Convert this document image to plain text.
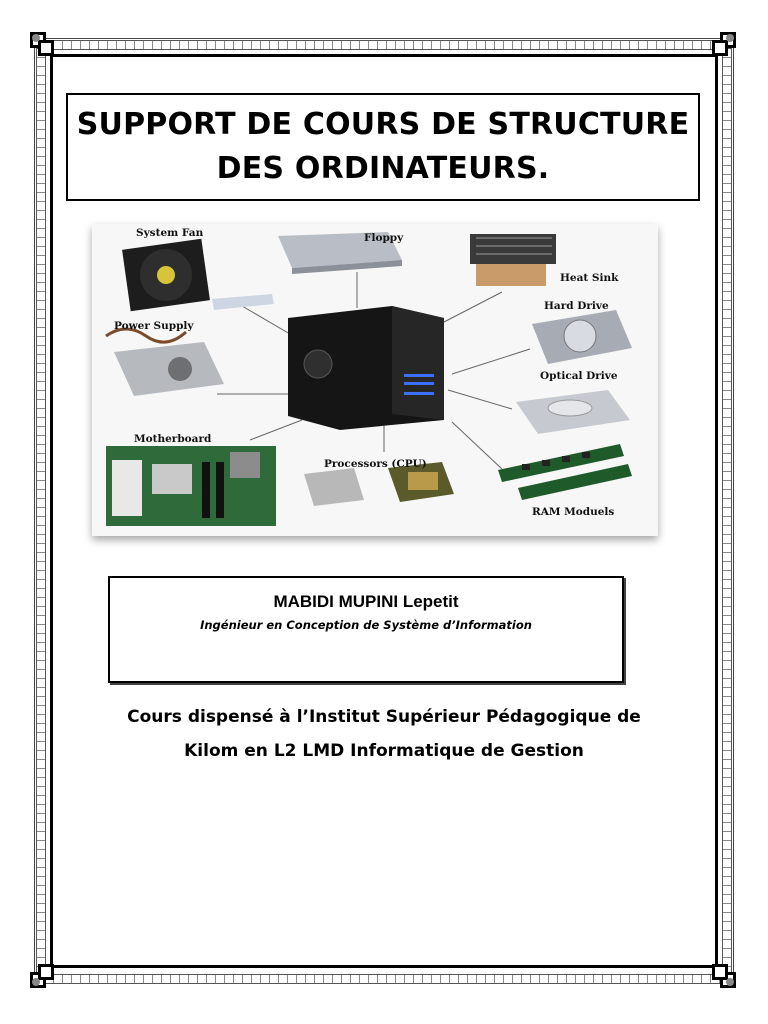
SUPPORT DE COURS DE STRUCTURE
DES ORDINATEURS.
System Fan	Floppy
Heat Sink
Hard Drive
Power Supply
Optical Drive
Motherboard
Processors (CPU)
RAM Moduels
MABIDI MUPINI Lepetit
Ingénieur en Conception de Système d’Information
Cours dispensé à l’Institut Supérieur Pédagogique de
Kilom en L2 LMD Informatique de Gestion
